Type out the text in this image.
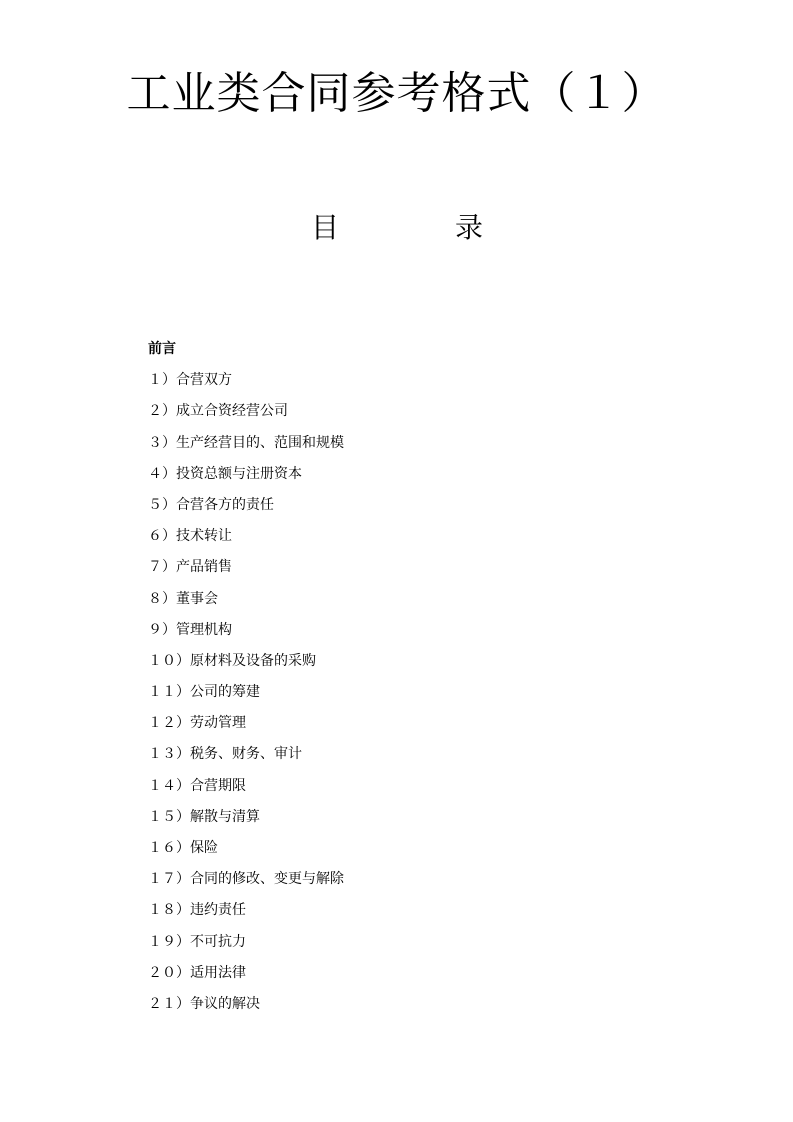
工业类合同参考格式（１）
目	录
前言
１）合营双方
２）成立合资经营公司
３）生产经营目的、范围和规模
４）投资总额与注册资本
５）合营各方的责任
６）技术转让
７）产品销售
８）董事会
９）管理机构
１０）原材料及设备的采购
１１）公司的筹建
１２）劳动管理
１３）税务、财务、审计
１４）合营期限
１５）解散与清算
１６）保险
１７）合同的修改、变更与解除
１８）违约责任
１９）不可抗力
２０）适用法律
２１）争议的解决
